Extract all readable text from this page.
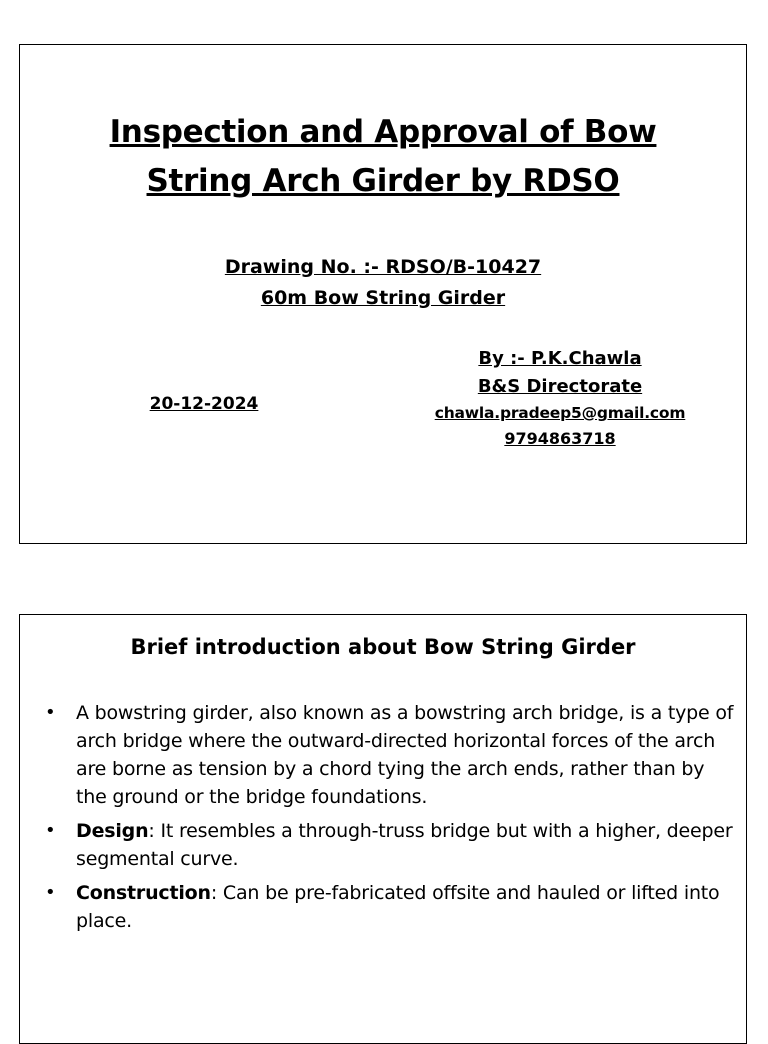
Inspection and Approval of Bow
String Arch Girder by RDSO
Drawing No. :- RDSO/B-10427
60m Bow String Girder
20-12-2024
By :- P.K.Chawla
B&S Directorate
chawla.pradeep5@gmail.com
9794863718
Brief introduction about Bow String Girder
• A bowstring girder, also known as a bowstring arch bridge, is a type of arch bridge where the outward-directed horizontal forces of the arch are borne as tension by a chord tying the arch ends, rather than by the ground or the bridge foundations.
• Design: It resembles a through-truss bridge but with a higher, deeper segmental curve.
• Construction: Can be pre-fabricated offsite and hauled or lifted into place.
